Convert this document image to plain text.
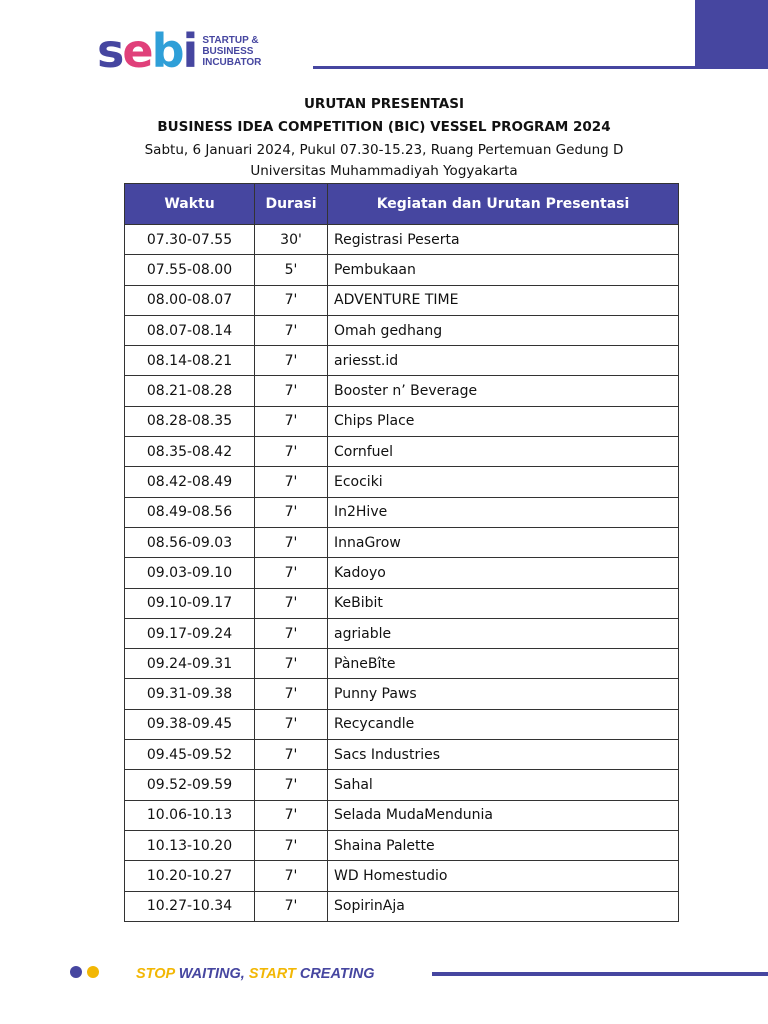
sebi STARTUP &
BUSINESS
INCUBATOR
URUTAN PRESENTASI
BUSINESS IDEA COMPETITION (BIC) VESSEL PROGRAM 2024
Sabtu, 6 Januari 2024, Pukul 07.30-15.23, Ruang Pertemuan Gedung D
Universitas Muhammadiyah Yogyakarta
Waktu	Durasi	Kegiatan dan Urutan Presentasi
07.30-07.55	30'	Registrasi Peserta
07.55-08.00	5'	Pembukaan
08.00-08.07	7'	ADVENTURE TIME
08.07-08.14	7'	Omah gedhang
08.14-08.21	7'	ariesst.id
08.21-08.28	7'	Booster n’ Beverage
08.28-08.35	7'	Chips Place
08.35-08.42	7'	Cornfuel
08.42-08.49	7'	Ecociki
08.49-08.56	7'	In2Hive
08.56-09.03	7'	InnaGrow
09.03-09.10	7'	Kadoyo
09.10-09.17	7'	KeBibit
09.17-09.24	7'	agriable
09.24-09.31	7'	PàneBîte
09.31-09.38	7'	Punny Paws
09.38-09.45	7'	Recycandle
09.45-09.52	7'	Sacs Industries
09.52-09.59	7'	Sahal
10.06-10.13	7'	Selada MudaMendunia
10.13-10.20	7'	Shaina Palette
10.20-10.27	7'	WD Homestudio
10.27-10.34	7'	SopirinAja
STOP WAITING, START CREATING
